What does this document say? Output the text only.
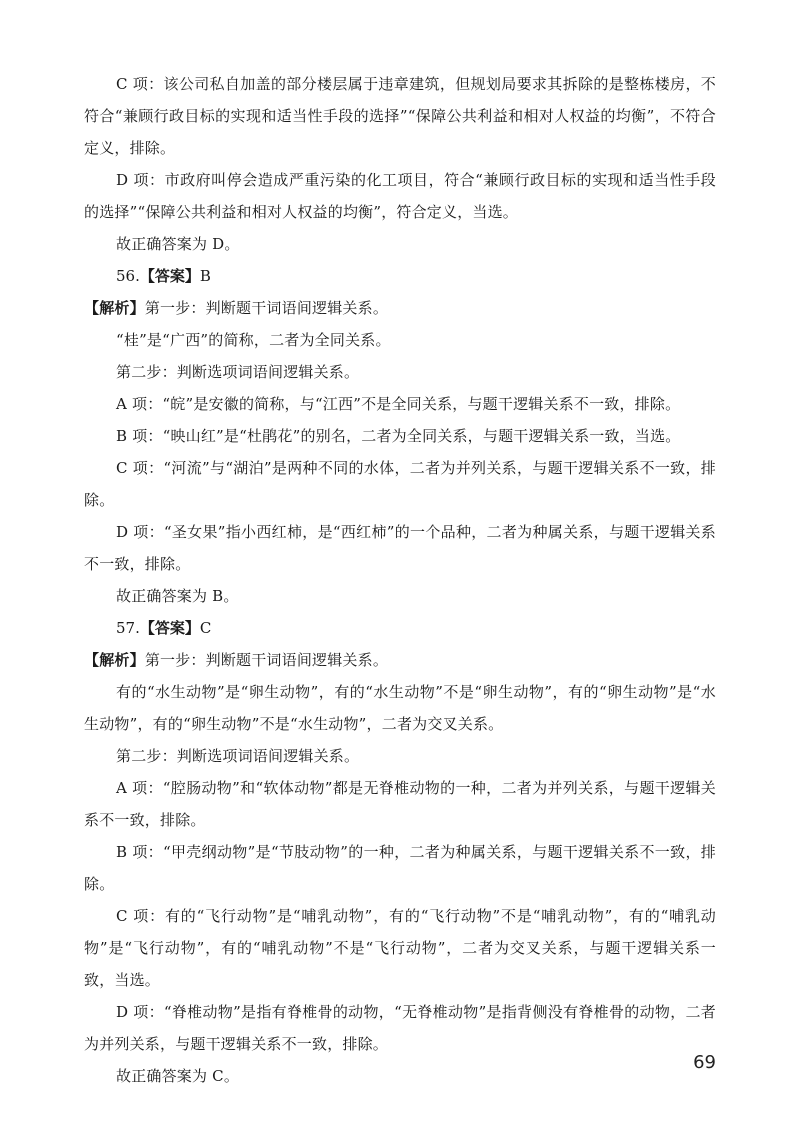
C 项：该公司私自加盖的部分楼层属于违章建筑，但规划局要求其拆除的是整栋楼房，不符合“兼顾行政目标的实现和适当性手段的选择”“保障公共利益和相对人权益的均衡”，不符合定义，排除。

D 项：市政府叫停会造成严重污染的化工项目，符合“兼顾行政目标的实现和适当性手段的选择”“保障公共利益和相对人权益的均衡”，符合定义，当选。

故正确答案为 D。

56.【答案】B

【解析】第一步：判断题干词语间逻辑关系。

“桂”是“广西”的简称，二者为全同关系。

第二步：判断选项词语间逻辑关系。

A 项：“皖”是安徽的简称，与“江西”不是全同关系，与题干逻辑关系不一致，排除。

B 项：“映山红”是“杜鹃花”的别名，二者为全同关系，与题干逻辑关系一致，当选。

C 项：“河流”与“湖泊”是两种不同的水体，二者为并列关系，与题干逻辑关系不一致，排除。

D 项：“圣女果”指小西红柿，是“西红柿”的一个品种，二者为种属关系，与题干逻辑关系不一致，排除。

故正确答案为 B。

57.【答案】C

【解析】第一步：判断题干词语间逻辑关系。

有的“水生动物”是“卵生动物”，有的“水生动物”不是“卵生动物”，有的“卵生动物”是“水生动物”，有的“卵生动物”不是“水生动物”，二者为交叉关系。

第二步：判断选项词语间逻辑关系。

A 项：“腔肠动物”和“软体动物”都是无脊椎动物的一种，二者为并列关系，与题干逻辑关系不一致，排除。

B 项：“甲壳纲动物”是“节肢动物”的一种，二者为种属关系，与题干逻辑关系不一致，排除。

C 项：有的“飞行动物”是“哺乳动物”，有的“飞行动物”不是“哺乳动物”，有的“哺乳动物”是“飞行动物”，有的“哺乳动物”不是“飞行动物”，二者为交叉关系，与题干逻辑关系一致，当选。

D 项：“脊椎动物”是指有脊椎骨的动物，“无脊椎动物”是指背侧没有脊椎骨的动物，二者为并列关系，与题干逻辑关系不一致，排除。

故正确答案为 C。

69
